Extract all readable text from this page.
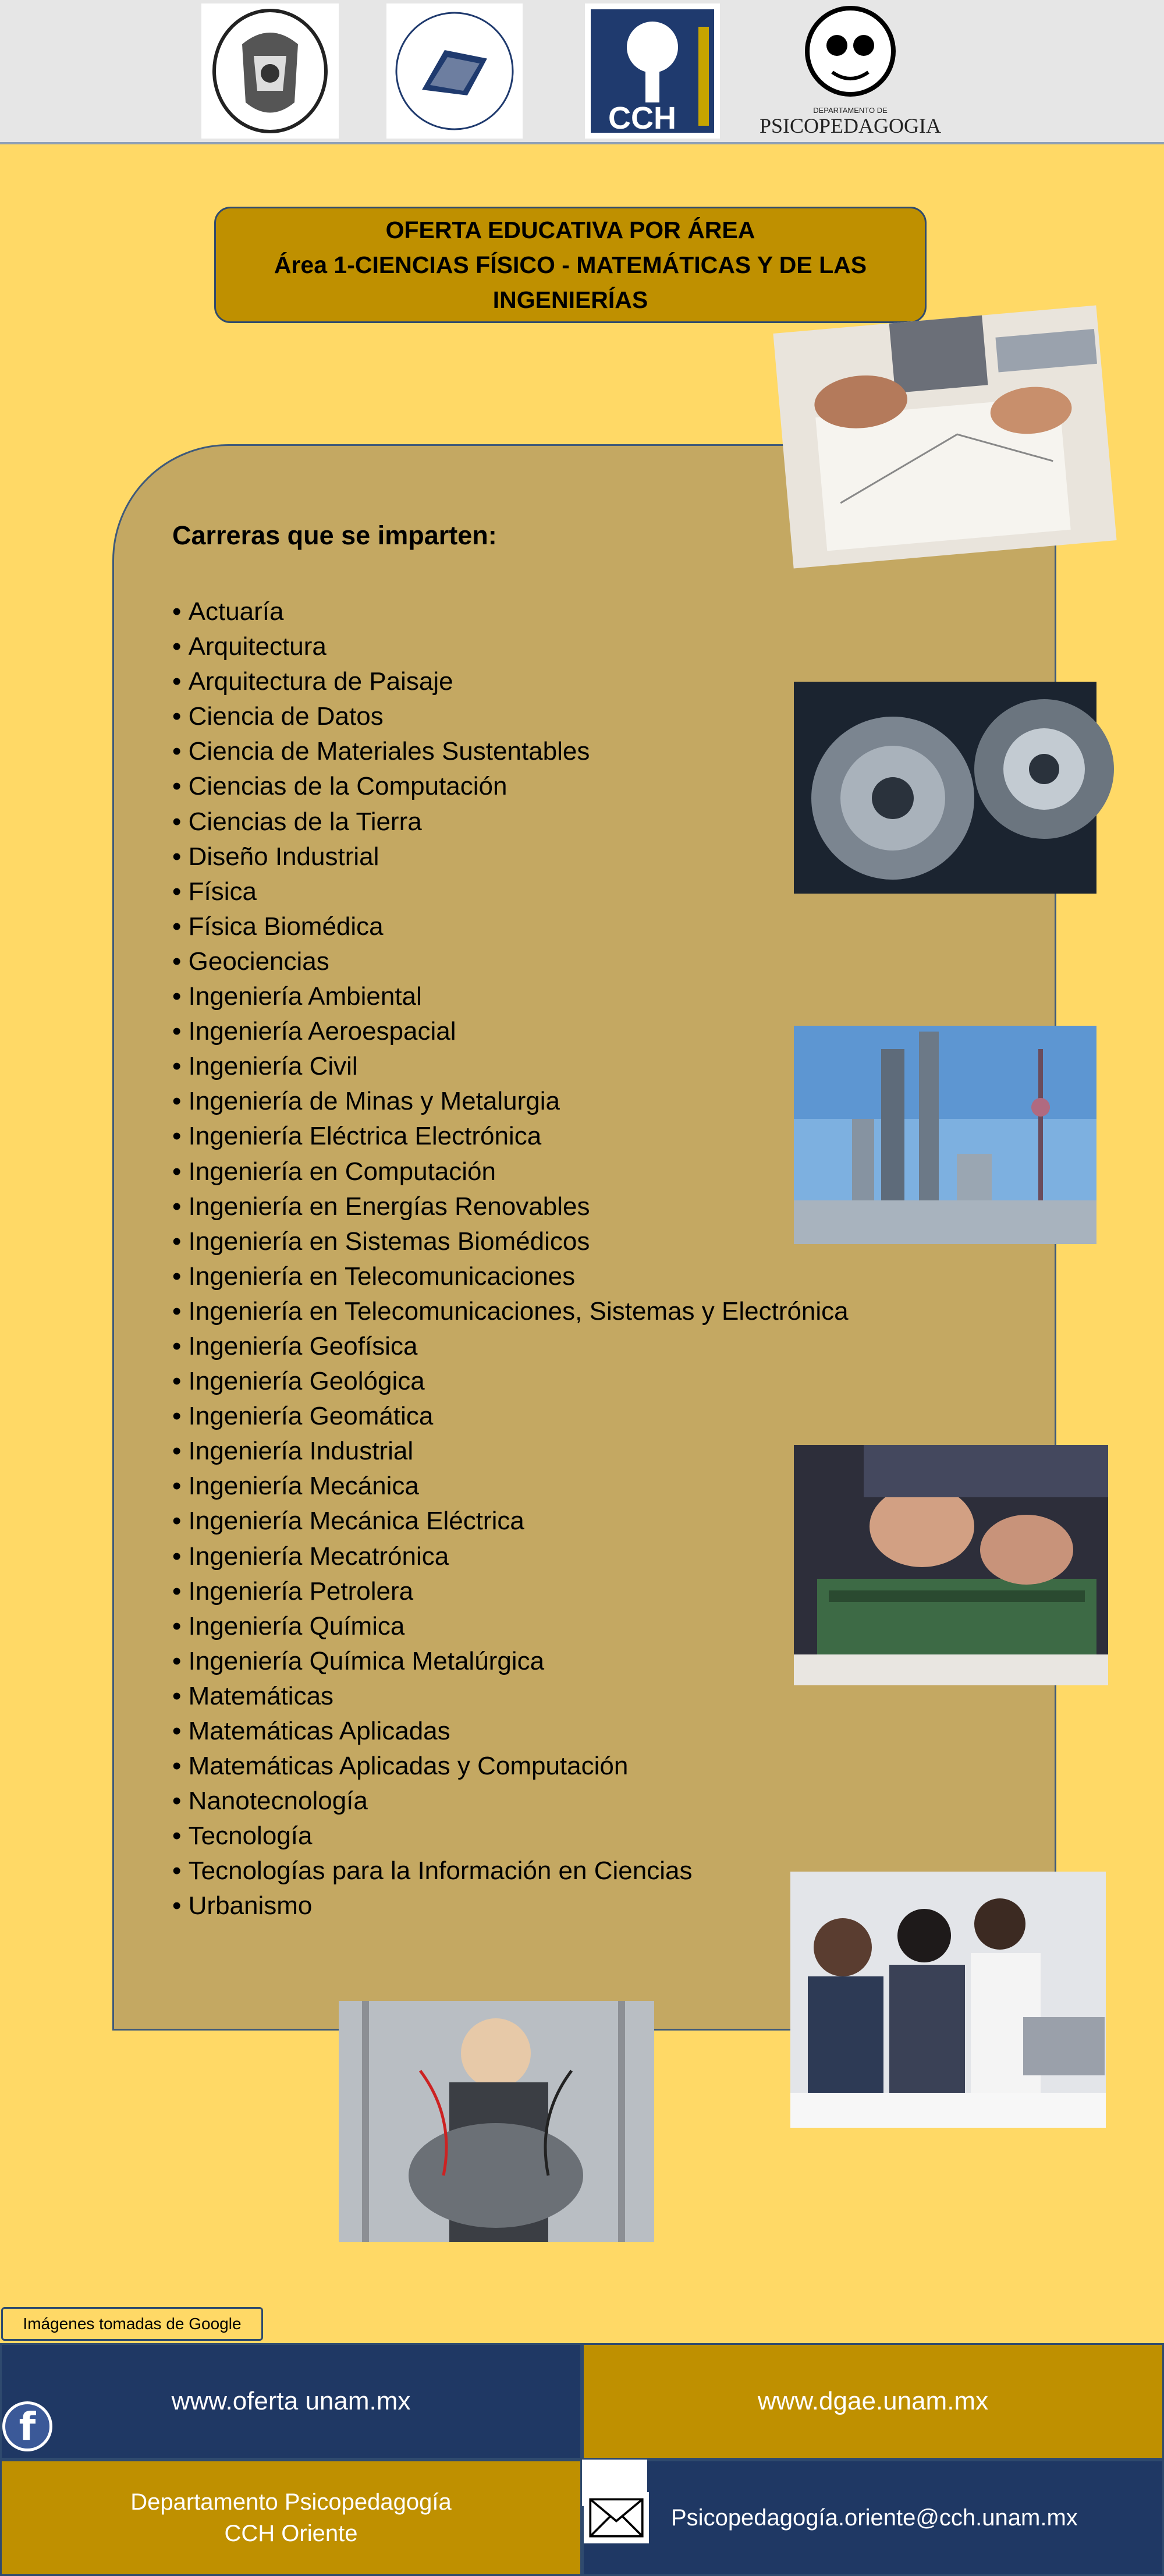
CCH	DEPARTAMENTO DE
PSICOPEDAGOGIA
OFERTA EDUCATIVA POR ÁREA
Área 1-CIENCIAS FÍSICO - MATEMÁTICAS Y DE LAS
INGENIERÍAS
Carreras que se imparten:
• Actuaría
• Arquitectura
• Arquitectura de Paisaje
• Ciencia de Datos
• Ciencia de Materiales Sustentables
• Ciencias de la Computación
• Ciencias de la Tierra
• Diseño Industrial
• Física
• Física Biomédica
• Geociencias
• Ingeniería Ambiental
• Ingeniería Aeroespacial
• Ingeniería Civil
• Ingeniería de Minas y Metalurgia
• Ingeniería Eléctrica Electrónica
• Ingeniería en Computación
• Ingeniería en Energías Renovables
• Ingeniería en Sistemas Biomédicos
• Ingeniería en Telecomunicaciones
• Ingeniería en Telecomunicaciones, Sistemas y Electrónica
• Ingeniería Geofísica
• Ingeniería Geológica
• Ingeniería Geomática
• Ingeniería Industrial
• Ingeniería Mecánica
• Ingeniería Mecánica Eléctrica
• Ingeniería Mecatrónica
• Ingeniería Petrolera
• Ingeniería Química
• Ingeniería Química Metalúrgica
• Matemáticas
• Matemáticas Aplicadas
• Matemáticas Aplicadas y Computación
• Nanotecnología
• Tecnología
• Tecnologías para la Información en Ciencias
• Urbanismo
Imágenes tomadas de Google
www.oferta unam.mx	www.dgae.unam.mx
Departamento Psicopedagogía
CCH Oriente
Psicopedagogía.oriente@cch.unam.mx
f
